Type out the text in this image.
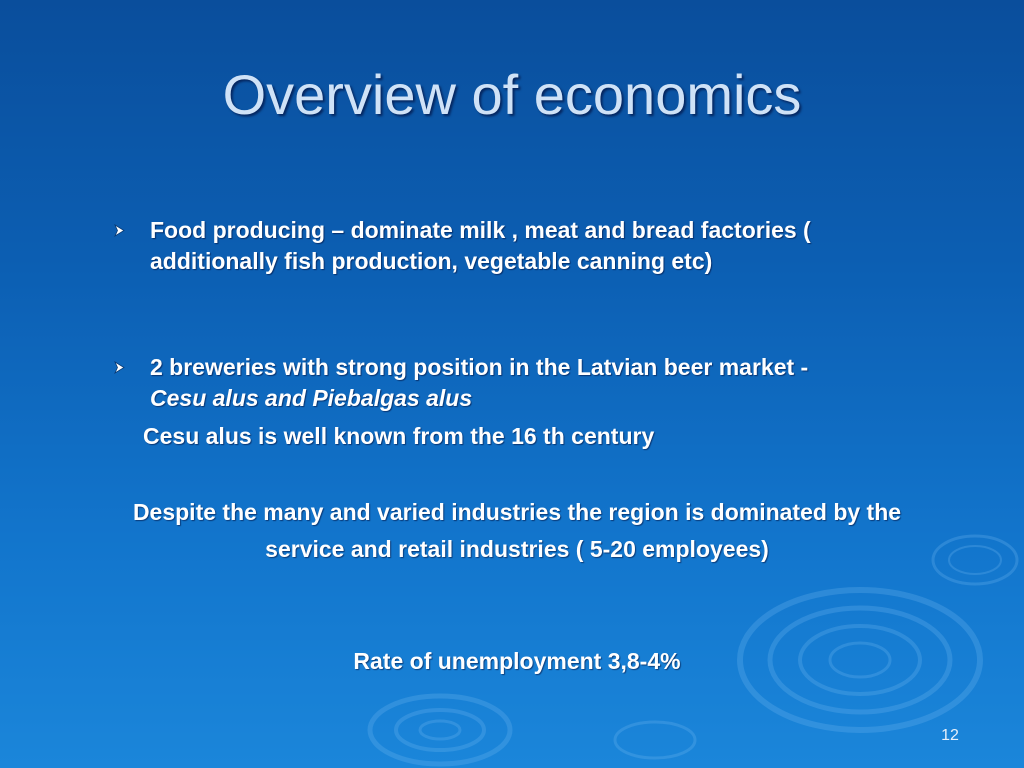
Overview of economics
Food producing – dominate milk , meat and bread factories ( additionally fish production, vegetable canning etc)
2 breweries with strong position in the Latvian beer market - Cesu alus and Piebalgas alus
Cesu alus is well known from the 16 th century
Despite the many and varied industries the region is dominated by the service and retail industries ( 5-20 employees)
Rate of unemployment 3,8-4%
12
